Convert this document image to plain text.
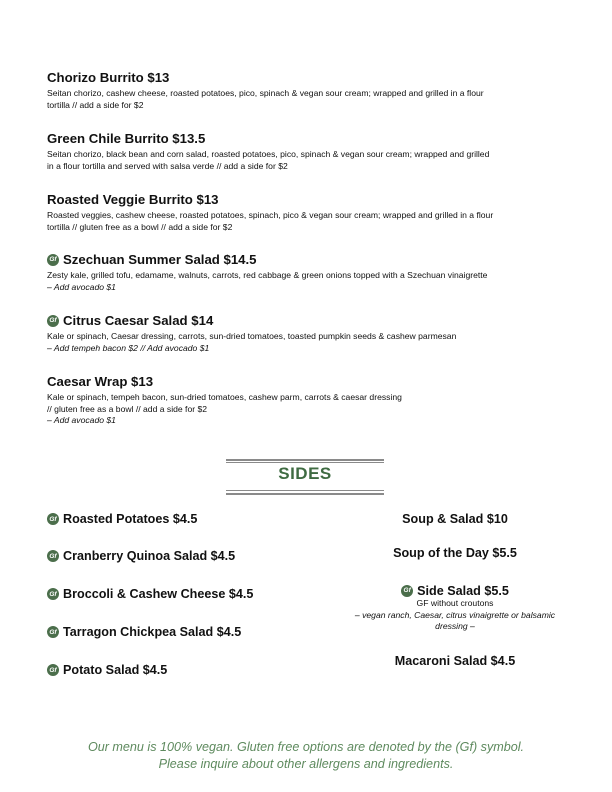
Chorizo Burrito $13
Seitan chorizo, cashew cheese, roasted potatoes, pico, spinach & vegan sour cream; wrapped and grilled in a flour
tortilla // add a side for $2
Green Chile Burrito $13.5
Seitan chorizo, black bean and corn salad, roasted potatoes, pico, spinach & vegan sour cream; wrapped and grilled
in a flour tortilla and served with salsa verde // add a side for $2
Roasted Veggie Burrito $13
Roasted veggies, cashew cheese, roasted potatoes, spinach, pico & vegan sour cream; wrapped and grilled in a flour
tortilla // gluten free as a bowl // add a side for $2
Gf Szechuan Summer Salad $14.5
Zesty kale, grilled tofu, edamame, walnuts, carrots, red cabbage & green onions topped with a Szechuan vinaigrette
– Add avocado $1
Gf Citrus Caesar Salad $14
Kale or spinach, Caesar dressing, carrots, sun-dried tomatoes, toasted pumpkin seeds & cashew parmesan
– Add tempeh bacon $2 // Add avocado $1
Caesar Wrap $13
Kale or spinach, tempeh bacon, sun-dried tomatoes, cashew parm, carrots & caesar dressing
// gluten free as a bowl // add a side for $2
– Add avocado $1
SIDES
Gf Roasted Potatoes $4.5
Gf Cranberry Quinoa Salad $4.5
Gf Broccoli & Cashew Cheese $4.5
Gf Tarragon Chickpea Salad $4.5
Gf Potato Salad $4.5
Soup & Salad $10
Soup of the Day $5.5
Gf Side Salad $5.5
GF without croutons
– vegan ranch, Caesar, citrus vinaigrette or balsamic
dressing –
Macaroni Salad $4.5
Our menu is 100% vegan. Gluten free options are denoted by the (Gf) symbol.
Please inquire about other allergens and ingredients.
